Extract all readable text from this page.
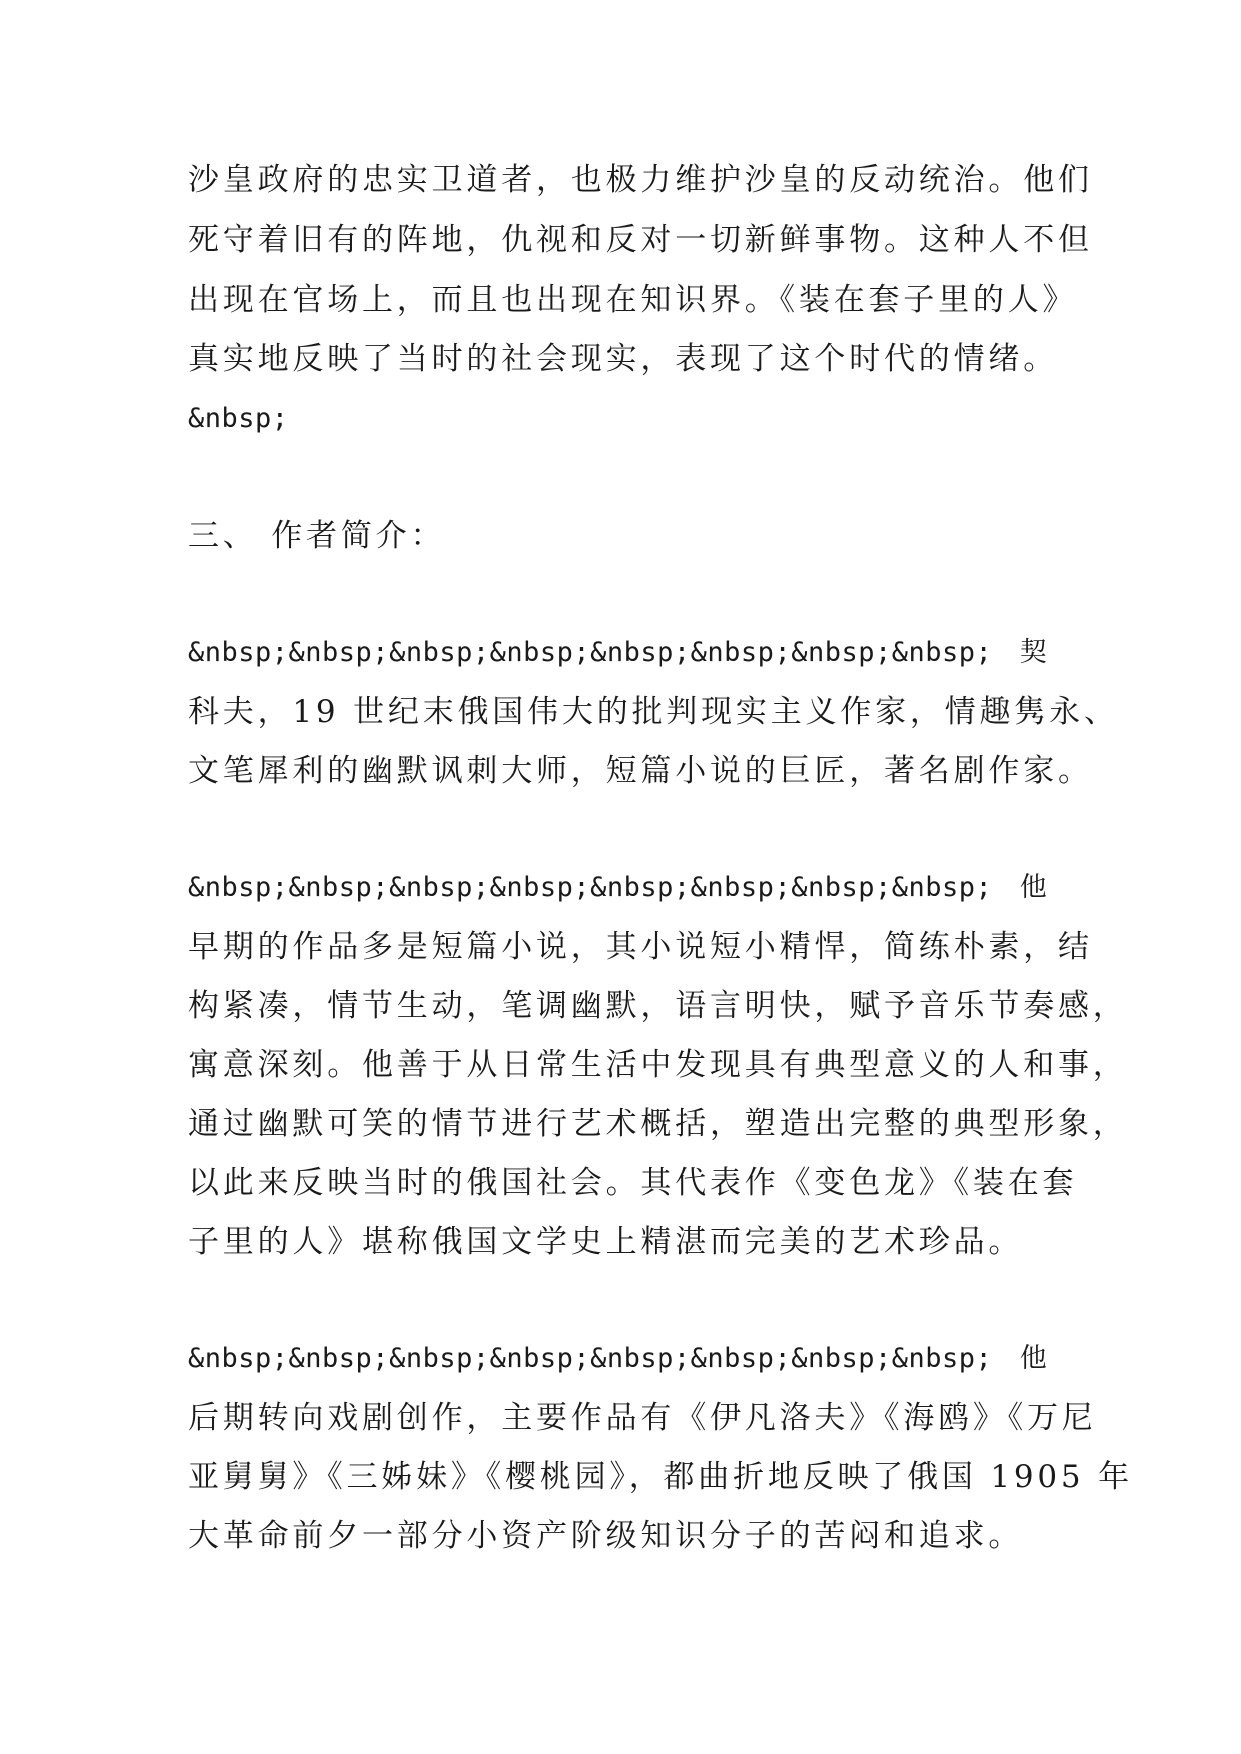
沙皇政府的忠实卫道者，也极力维护沙皇的反动统治。他们
死守着旧有的阵地，仇视和反对一切新鲜事物。这种人不但
出现在官场上，而且也出现在知识界。《装在套子里的人》
真实地反映了当时的社会现实，表现了这个时代的情绪。
&nbsp;
三、 作者简介：
&nbsp;&nbsp;&nbsp;&nbsp;&nbsp;&nbsp;&nbsp;&nbsp;　契
科夫，19 世纪末俄国伟大的批判现实主义作家，情趣隽永、
文笔犀利的幽默讽刺大师，短篇小说的巨匠，著名剧作家。
&nbsp;&nbsp;&nbsp;&nbsp;&nbsp;&nbsp;&nbsp;&nbsp;　他
早期的作品多是短篇小说，其小说短小精悍，简练朴素，结
构紧凑，情节生动，笔调幽默，语言明快，赋予音乐节奏感，
寓意深刻。他善于从日常生活中发现具有典型意义的人和事，
通过幽默可笑的情节进行艺术概括，塑造出完整的典型形象，
以此来反映当时的俄国社会。其代表作《变色龙》《装在套
子里的人》堪称俄国文学史上精湛而完美的艺术珍品。
&nbsp;&nbsp;&nbsp;&nbsp;&nbsp;&nbsp;&nbsp;&nbsp;　他
后期转向戏剧创作，主要作品有《伊凡洛夫》《海鸥》《万尼
亚舅舅》《三姊妹》《樱桃园》，都曲折地反映了俄国 1905 年
大革命前夕一部分小资产阶级知识分子的苦闷和追求。
